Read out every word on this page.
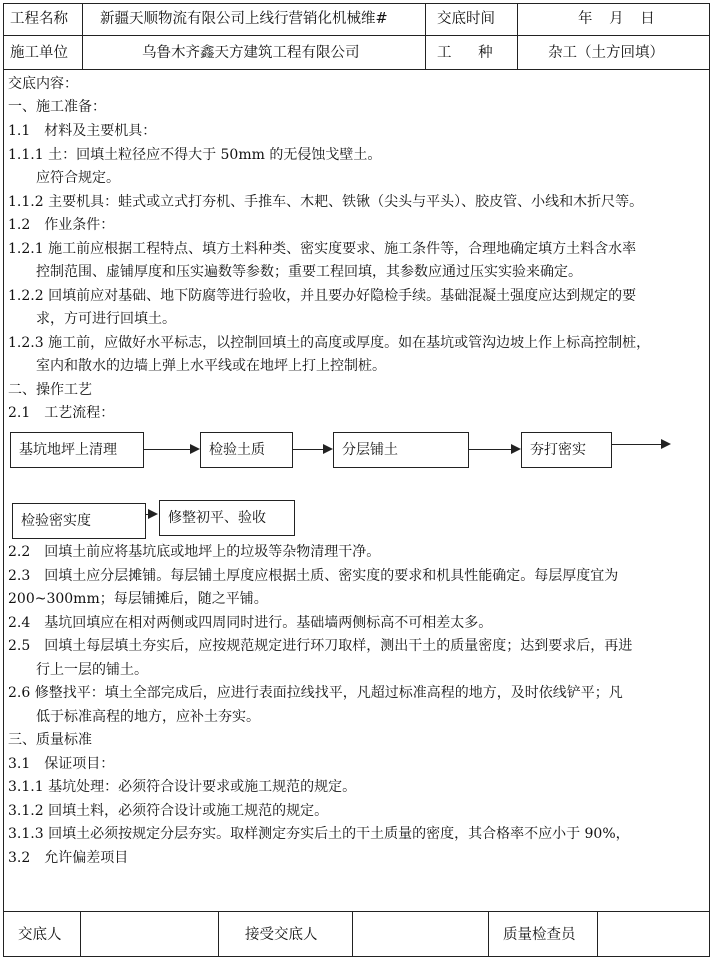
工程名称 新疆天顺物流有限公司上线行营销化机械维#	交底时间	年 月 日
施工单位	乌鲁木齐鑫天方建筑工程有限公司	工 种	杂工（土方回填）
交底内容：
一、施工准备：
1.1　材料及主要机具：
1.1.1 土：回填土粒径应不得大于 50mm 的无侵蚀戈壁土。
　　应符合规定。
1.1.2 主要机具：蛙式或立式打夯机、手推车、木耙、铁锹（尖头与平头）、胶皮管、小线和木折尺等。
1.2　作业条件：
1.2.1 施工前应根据工程特点、填方土料种类、密实度要求、施工条件等，合理地确定填方土料含水率
　　控制范围、虚铺厚度和压实遍数等参数；重要工程回填，其参数应通过压实实验来确定。
1.2.2 回填前应对基础、地下防腐等进行验收，并且要办好隐检手续。基础混凝土强度应达到规定的要
　　求，方可进行回填土。
1.2.3 施工前，应做好水平标志，以控制回填土的高度或厚度。如在基坑或管沟边坡上作上标高控制桩，
　　室内和散水的边墙上弹上水平线或在地坪上打上控制桩。
二、操作工艺
2.1　工艺流程：
基坑地坪上清理	检验土质	分层铺土	夯打密实
检验密实度	修整初平、验收
2.2　回填土前应将基坑底或地坪上的垃圾等杂物清理干净。
2.3　回填土应分层摊铺。每层铺土厚度应根据土质、密实度的要求和机具性能确定。每层厚度宜为
200~300mm；每层铺摊后，随之平铺。
2.4　基坑回填应在相对两侧或四周同时进行。基础墙两侧标高不可相差太多。
2.5　回填土每层填土夯实后，应按规范规定进行环刀取样，测出干土的质量密度；达到要求后，再进
　　行上一层的铺土。
2.6 修整找平：填土全部完成后，应进行表面拉线找平，凡超过标准高程的地方，及时依线铲平；凡
　　低于标准高程的地方，应补土夯实。
三、质量标准
3.1　保证项目：
3.1.1 基坑处理：必须符合设计要求或施工规范的规定。
3.1.2 回填土料，必须符合设计或施工规范的规定。
3.1.3 回填土必须按规定分层夯实。取样测定夯实后土的干土质量的密度，其合格率不应小于 90%，
3.2　允许偏差项目
交底人	接受交底人	质量检查员
